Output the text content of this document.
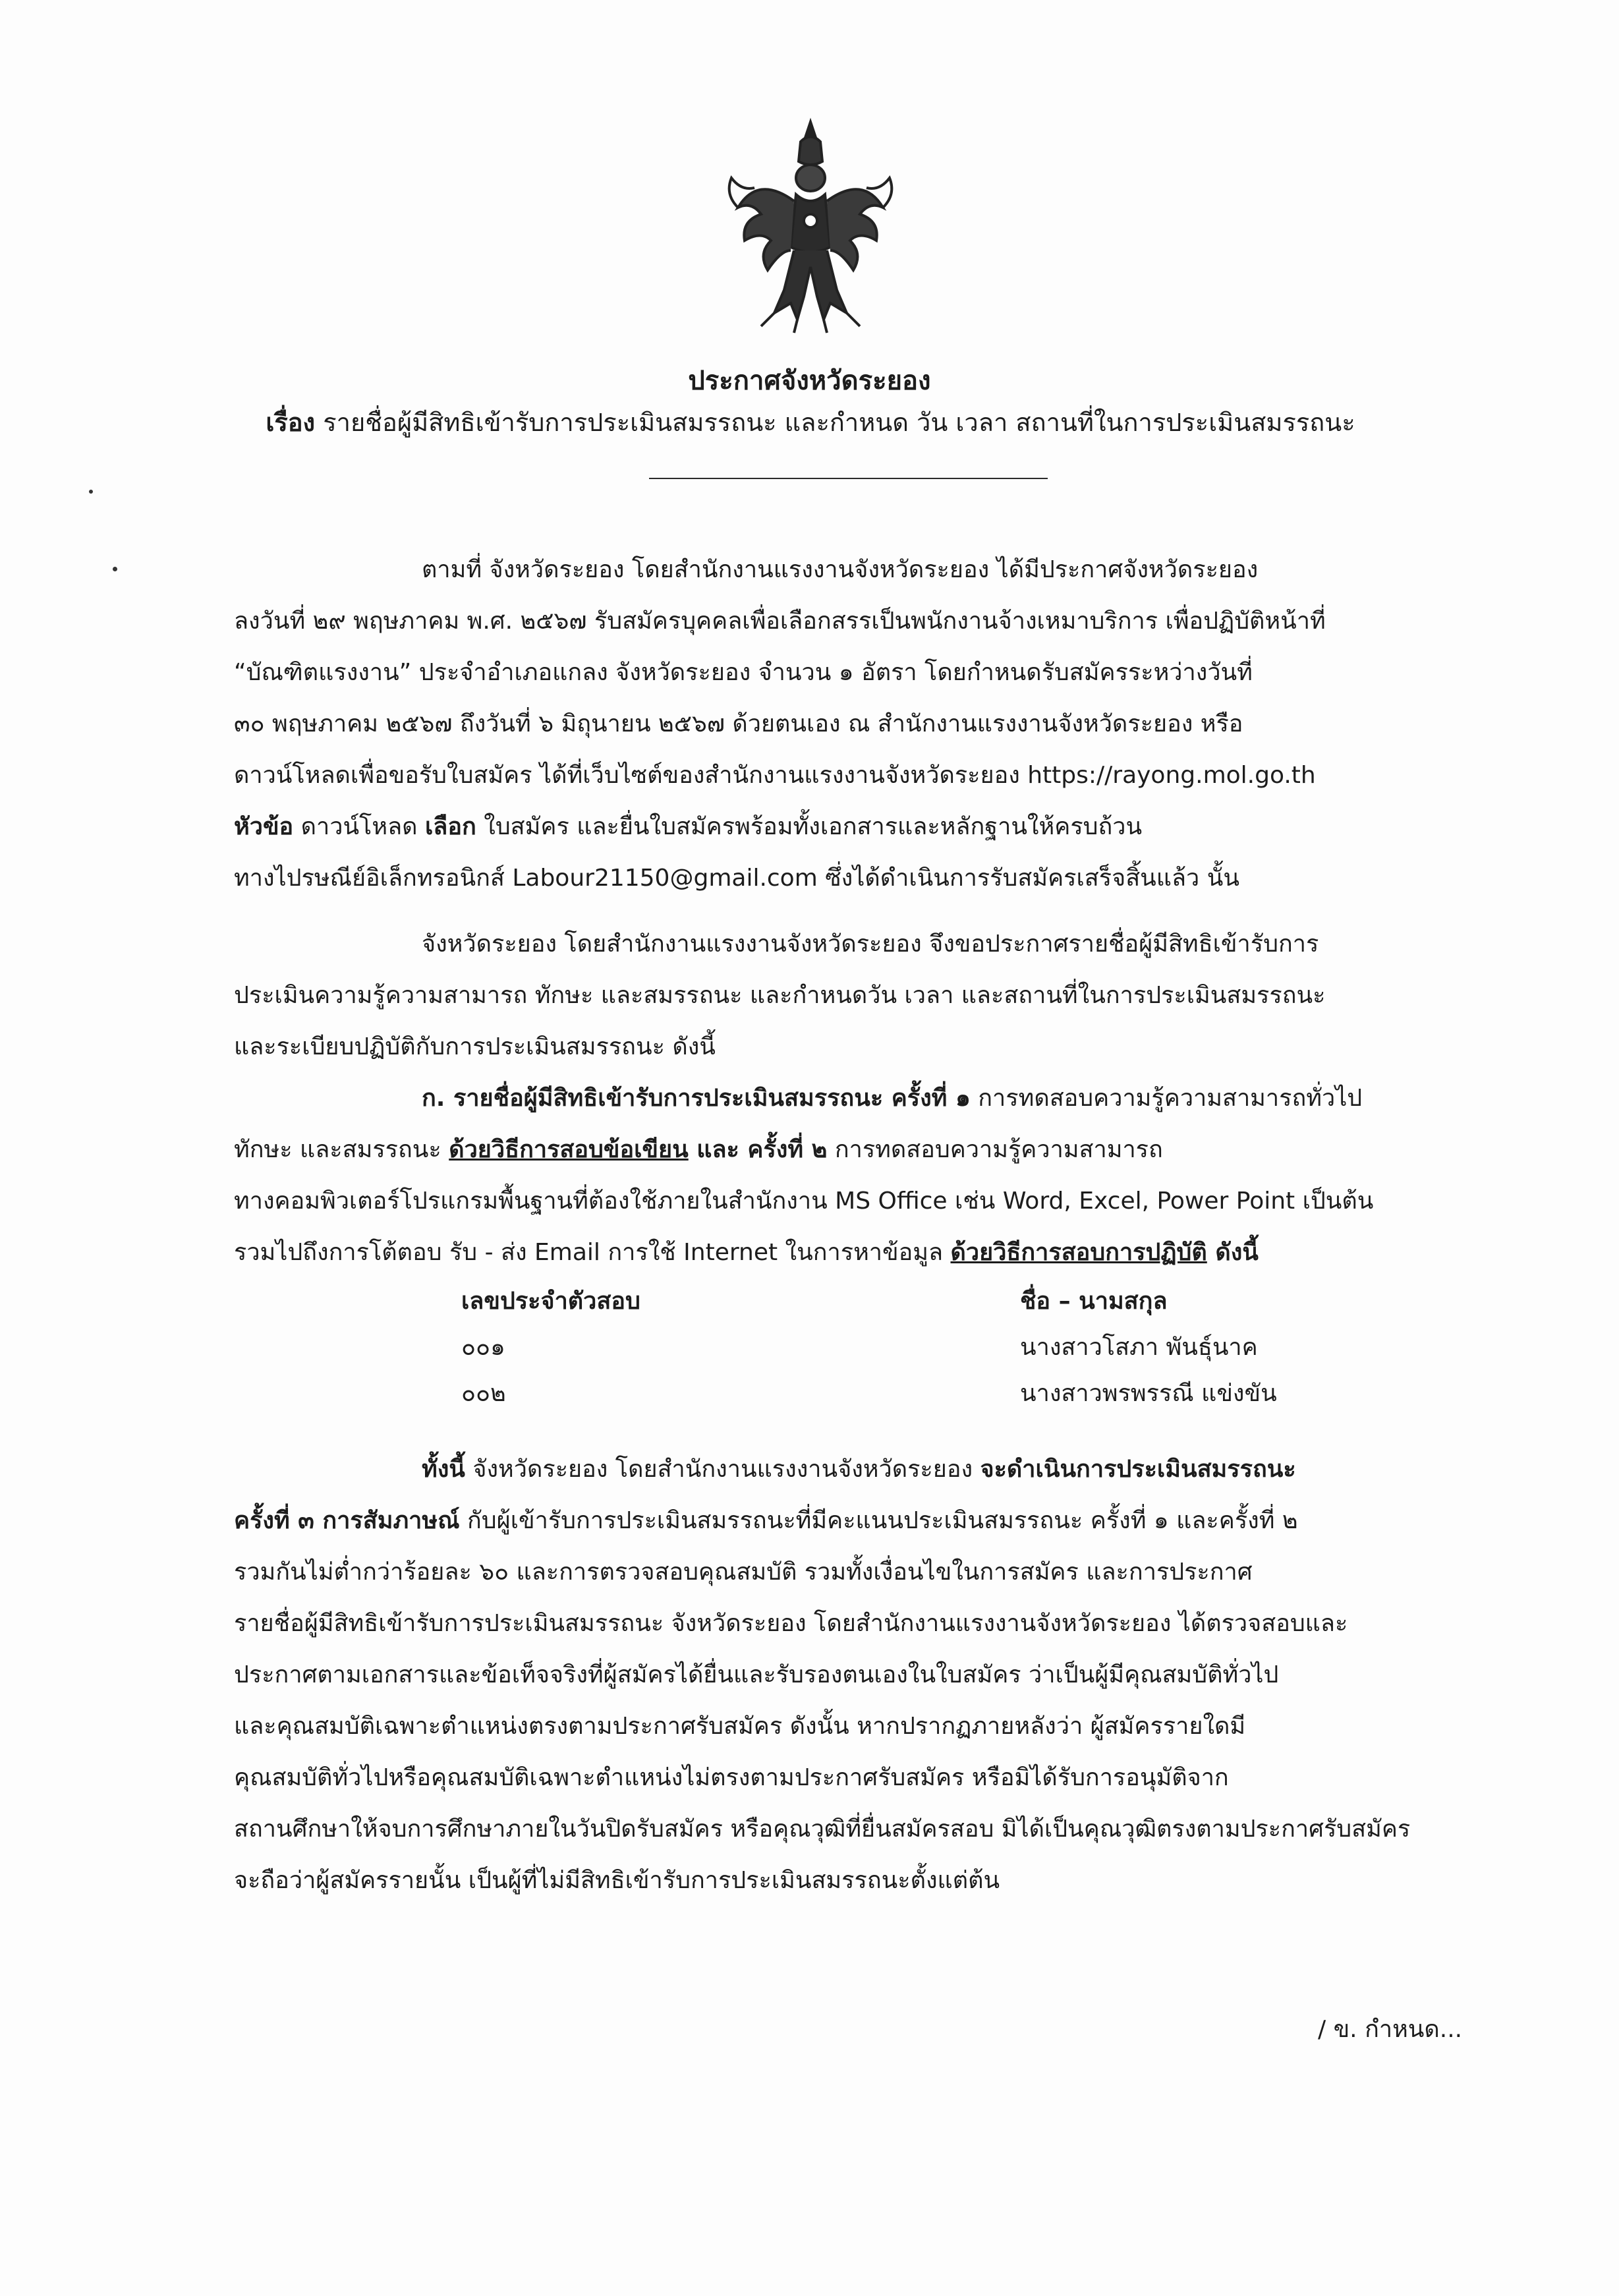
ประกาศจังหวัดระยอง
เรื่อง รายชื่อผู้มีสิทธิเข้ารับการประเมินสมรรถนะ และกำหนด วัน เวลา สถานที่ในการประเมินสมรรถนะ
ตามที่ จังหวัดระยอง โดยสำนักงานแรงงานจังหวัดระยอง ได้มีประกาศจังหวัดระยอง
ลงวันที่ ๒๙ พฤษภาคม พ.ศ. ๒๕๖๗ รับสมัครบุคคลเพื่อเลือกสรรเป็นพนักงานจ้างเหมาบริการ เพื่อปฏิบัติหน้าที่
“บัณฑิตแรงงาน” ประจำอำเภอแกลง จังหวัดระยอง จำนวน ๑ อัตรา โดยกำหนดรับสมัครระหว่างวันที่
๓๐ พฤษภาคม ๒๕๖๗ ถึงวันที่ ๖ มิถุนายน ๒๕๖๗ ด้วยตนเอง ณ สำนักงานแรงงานจังหวัดระยอง หรือ
ดาวน์โหลดเพื่อขอรับใบสมัคร ได้ที่เว็บไซต์ของสำนักงานแรงงานจังหวัดระยอง https://rayong.mol.go.th
หัวข้อ ดาวน์โหลด เลือก ใบสมัคร และยื่นใบสมัครพร้อมทั้งเอกสารและหลักฐานให้ครบถ้วน
ทางไปรษณีย์อิเล็กทรอนิกส์ Labour21150@gmail.com ซึ่งได้ดำเนินการรับสมัครเสร็จสิ้นแล้ว นั้น
จังหวัดระยอง โดยสำนักงานแรงงานจังหวัดระยอง จึงขอประกาศรายชื่อผู้มีสิทธิเข้ารับการ
ประเมินความรู้ความสามารถ ทักษะ และสมรรถนะ และกำหนดวัน เวลา และสถานที่ในการประเมินสมรรถนะ
และระเบียบปฏิบัติกับการประเมินสมรรถนะ ดังนี้
ก. รายชื่อผู้มีสิทธิเข้ารับการประเมินสมรรถนะ ครั้งที่ ๑ การทดสอบความรู้ความสามารถทั่วไป
ทักษะ และสมรรถนะ ด้วยวิธีการสอบข้อเขียน และ ครั้งที่ ๒ การทดสอบความรู้ความสามารถ
ทางคอมพิวเตอร์โปรแกรมพื้นฐานที่ต้องใช้ภายในสำนักงาน MS Office เช่น Word, Excel, Power Point เป็นต้น
รวมไปถึงการโต้ตอบ รับ - ส่ง Email การใช้ Internet ในการหาข้อมูล ด้วยวิธีการสอบการปฏิบัติ ดังนี้
เลขประจำตัวสอบ	ชื่อ – นามสกุล
๐๐๑	นางสาวโสภา พันธุ์นาค
๐๐๒	นางสาวพรพรรณี แข่งขัน
ทั้งนี้ จังหวัดระยอง โดยสำนักงานแรงงานจังหวัดระยอง จะดำเนินการประเมินสมรรถนะ
ครั้งที่ ๓ การสัมภาษณ์ กับผู้เข้ารับการประเมินสมรรถนะที่มีคะแนนประเมินสมรรถนะ ครั้งที่ ๑ และครั้งที่ ๒
รวมกันไม่ต่ำกว่าร้อยละ ๖๐ และการตรวจสอบคุณสมบัติ รวมทั้งเงื่อนไขในการสมัคร และการประกาศ
รายชื่อผู้มีสิทธิเข้ารับการประเมินสมรรถนะ จังหวัดระยอง โดยสำนักงานแรงงานจังหวัดระยอง ได้ตรวจสอบและ
ประกาศตามเอกสารและข้อเท็จจริงที่ผู้สมัครได้ยื่นและรับรองตนเองในใบสมัคร ว่าเป็นผู้มีคุณสมบัติทั่วไป
และคุณสมบัติเฉพาะตำแหน่งตรงตามประกาศรับสมัคร ดังนั้น หากปรากฏภายหลังว่า ผู้สมัครรายใดมี
คุณสมบัติทั่วไปหรือคุณสมบัติเฉพาะตำแหน่งไม่ตรงตามประกาศรับสมัคร หรือมิได้รับการอนุมัติจาก
สถานศึกษาให้จบการศึกษาภายในวันปิดรับสมัคร หรือคุณวุฒิที่ยื่นสมัครสอบ มิได้เป็นคุณวุฒิตรงตามประกาศรับสมัคร
จะถือว่าผู้สมัครรายนั้น เป็นผู้ที่ไม่มีสิทธิเข้ารับการประเมินสมรรถนะตั้งแต่ต้น
/ ข. กำหนด...
